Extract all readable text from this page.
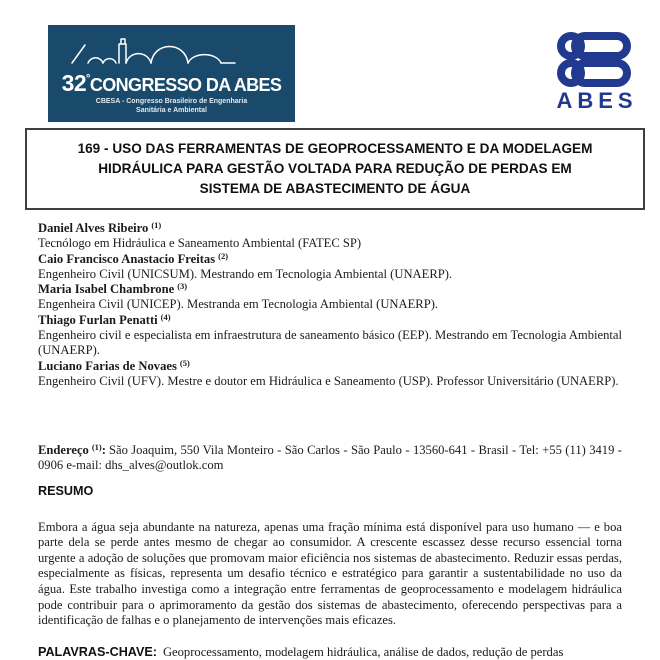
32°CONGRESSO DA ABES
CBESA - Congresso Brasileiro de Engenharia
Sanitária e Ambiental	ABES
169 - USO DAS FERRAMENTAS DE GEOPROCESSAMENTO E DA MODELAGEM
HIDRÁULICA PARA GESTÃO VOLTADA PARA REDUÇÃO DE PERDAS EM
SISTEMA DE ABASTECIMENTO DE ÁGUA

Daniel Alves Ribeiro $^{(1)}$

Tecnólogo em Hidráulica e Saneamento Ambiental (FATEC SP)

Caio Francisco Anastacio Freitas $^{(2)}$

Engenheiro Civil (UNICSUM). Mestrando em Tecnologia Ambiental (UNAERP).

Maria Isabel Chambrone $^{(3)}$

Engenheira Civil (UNICEP). Mestranda em Tecnologia Ambiental (UNAERP).

Thiago Furlan Penatti $^{(4)}$

Engenheiro civil e especialista em infraestrutura de saneamento básico (EEP). Mestrando em Tecnologia Ambiental (UNAERP).

Luciano Farias de Novaes $^{(5)}$

Engenheiro Civil (UFV). Mestre e doutor em Hidráulica e Saneamento (USP). Professor Universitário (UNAERP).

Endereço $^{(1)}$: São Joaquim, 550 Vila Monteiro - São Carlos - São Paulo - 13560-641 - Brasil - Tel: +55 (11) 3419 - 0906 e-mail: dhs_alves@outlok.com

RESUMO

Embora a água seja abundante na natureza, apenas uma fração mínima está disponível para uso humano — e boa parte dela se perde antes mesmo de chegar ao consumidor. A crescente escassez desse recurso essencial torna urgente a adoção de soluções que promovam maior eficiência nos sistemas de abastecimento. Reduzir essas perdas, especialmente as físicas, representa um desafio técnico e estratégico para garantir a sustentabilidade no uso da água. Este trabalho investiga como a integração entre ferramentas de geoprocessamento e modelagem hidráulica pode contribuir para o aprimoramento da gestão dos sistemas de abastecimento, oferecendo perspectivas para a identificação de falhas e o planejamento de intervenções mais eficazes.

PALAVRAS-CHAVE: Geoprocessamento, modelagem hidráulica, análise de dados, redução de perdas
